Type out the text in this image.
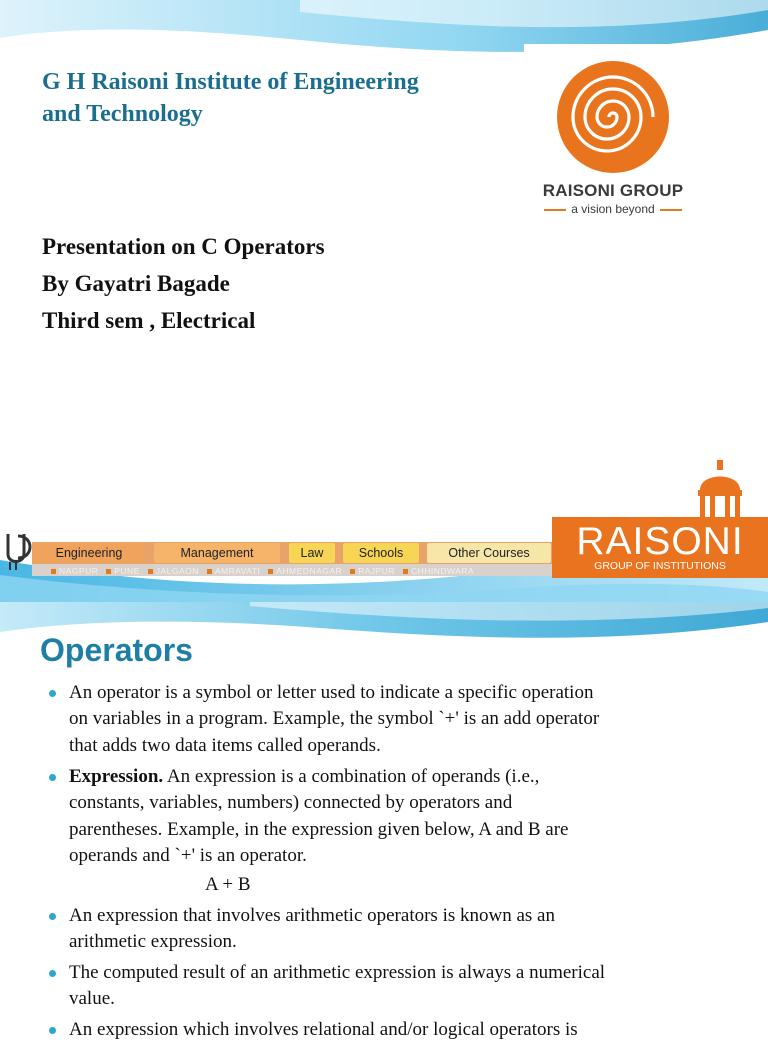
G H Raisoni Institute of Engineering
and Technology
RAISONI GROUP
a vision beyond
Presentation on C Operators
By Gayatri Bagade
Third sem , Electrical
Engineering	Management	Law	Schools	Other Courses
NAGPUR PUNE JALGAON AMRAVATI AHMEDNAGAR RAJPUR CHHINDWARA
RAISONI
GROUP OF INSTITUTIONS
Operators
An operator is a symbol or letter used to indicate a specific operation
on variables in a program. Example, the symbol `+' is an add operator
that adds two data items called operands.
Expression. An expression is a combination of operands (i.e.,
constants, variables, numbers) connected by operators and
parentheses. Example, in the expression given below, A and B are
operands and `+' is an operator.
A + B
An expression that involves arithmetic operators is known as an
arithmetic expression.
The computed result of an arithmetic expression is always a numerical
value.
An expression which involves relational and/or logical operators is
